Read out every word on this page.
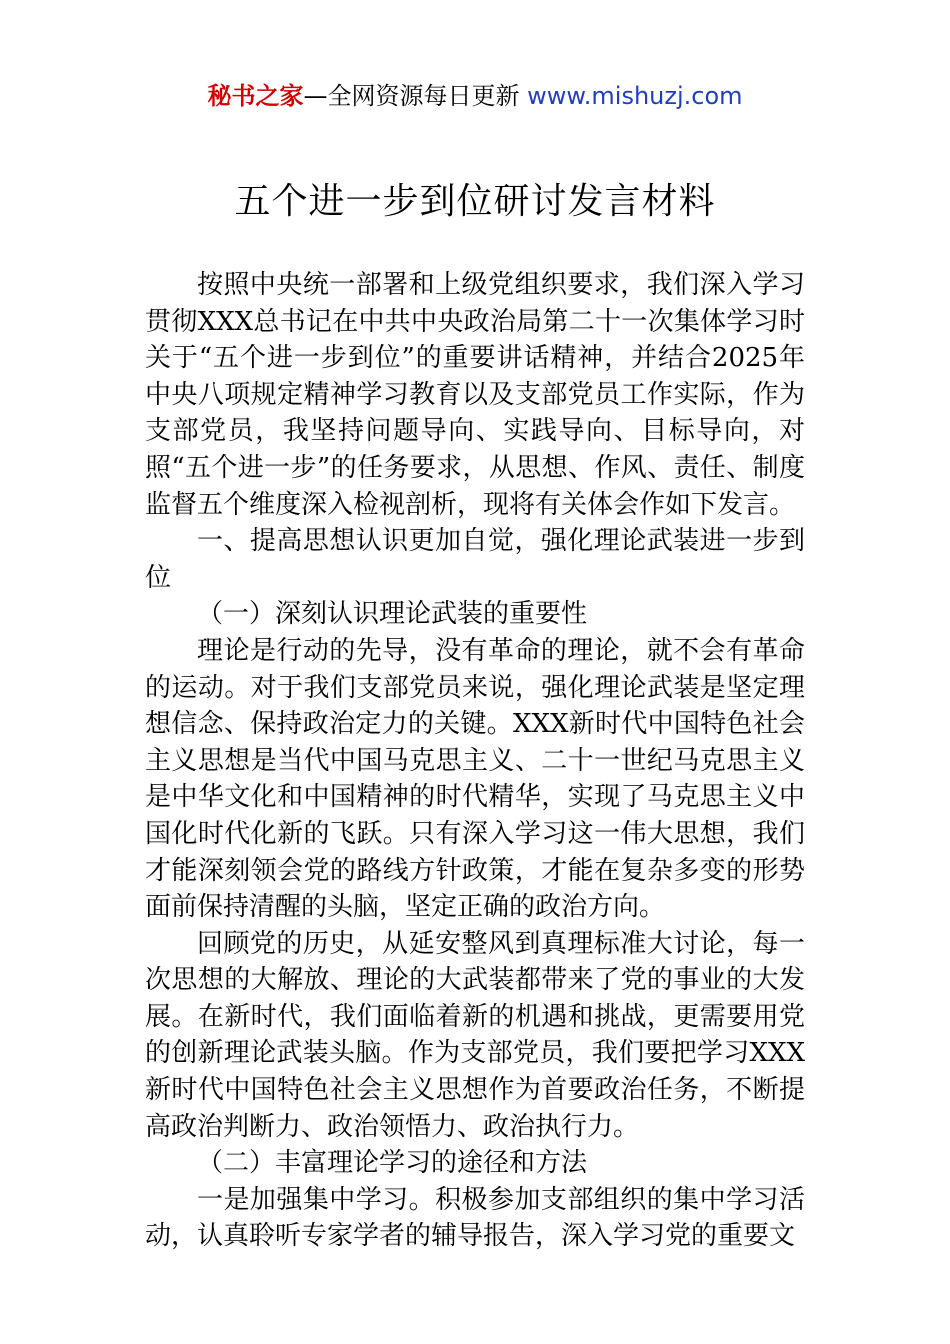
秘书之家—全网资源每日更新 www.mishuzj.com
五个进一步到位研讨发言材料

按照中央统一部署和上级党组织要求，我们深入学习贯彻XXX总书记在中共中央政治局第二十一次集体学习时关于“五个进一步到位”的重要讲话精神，并结合2025年中央八项规定精神学习教育以及支部党员工作实际，作为支部党员，我坚持问题导向、实践导向、目标导向，对照“五个进一步”的任务要求，从思想、作风、责任、制度监督五个维度深入检视剖析，现将有关体会作如下发言。

一、提高思想认识更加自觉，强化理论武装进一步到位

（一）深刻认识理论武装的重要性

理论是行动的先导，没有革命的理论，就不会有革命的运动。对于我们支部党员来说，强化理论武装是坚定理想信念、保持政治定力的关键。XXX新时代中国特色社会主义思想是当代中国马克思主义、二十一世纪马克思主义是中华文化和中国精神的时代精华，实现了马克思主义中国化时代化新的飞跃。只有深入学习这一伟大思想，我们才能深刻领会党的路线方针政策，才能在复杂多变的形势面前保持清醒的头脑，坚定正确的政治方向。

回顾党的历史，从延安整风到真理标准大讨论，每一次思想的大解放、理论的大武装都带来了党的事业的大发展。在新时代，我们面临着新的机遇和挑战，更需要用党的创新理论武装头脑。作为支部党员，我们要把学习XXX新时代中国特色社会主义思想作为首要政治任务，不断提高政治判断力、政治领悟力、政治执行力。

（二）丰富理论学习的途径和方法

一是加强集中学习。积极参加支部组织的集中学习活动，认真聆听专家学者的辅导报告，深入学习党的重要文
